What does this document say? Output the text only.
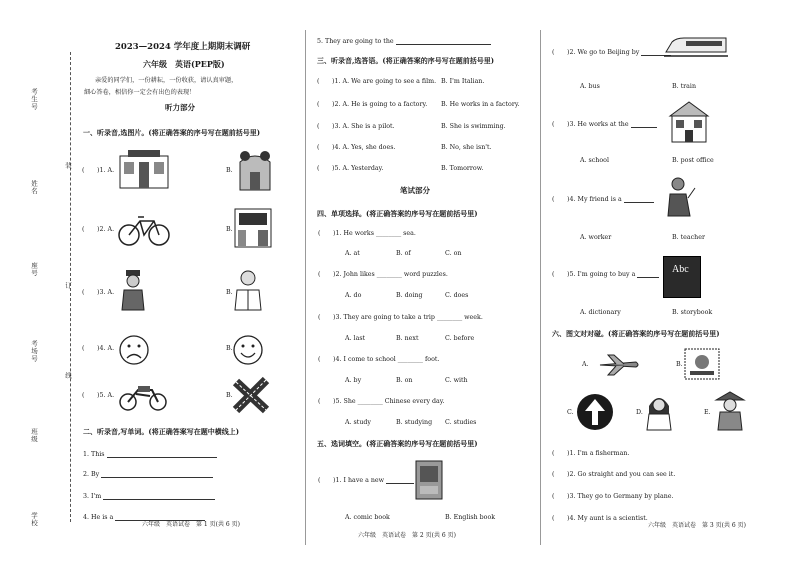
考生号
姓名
座号
考场号
班级
学校
装
订
线
2023—2024 学年度上期期末调研
六年级　英语(PEP版)
亲爱的同学们，一份耕耘，一份收获，请认真审题，
細心答卷，相信你一定会有出色的表现！
听力部分
一、听录音,选图片。(将正确答案的序号写在题前括号里)
(　　)1. A.	B.
(　　)2. A.	B.
(　　)3. A.	B.
(　　)4. A.	B.
(　　)5. A.	B.
二、听录音,写单词。(将正确答案写在题中横线上)
1. This
2. By
3. I'm
4. He is a
六年级　英语试卷　第 1 页(共 6 页)
5. They are going to the
三、听录音,选答语。(将正确答案的序号写在题前括号里)
(　　)1. A. We are going to see a film. B. I'm Italian.
(　　)2. A. He is going to a factory. B. He works in a factory.
(　　)3. A. She is a pilot.	B. She is swimming.
(　　)4. A. Yes, she does.	B. No, she isn't.
(　　)5. A. Yesterday.	B. Tomorrow.
笔试部分
四、单项选择。(将正确答案的序号写在题前括号里)
(　　)1. He works ________ sea.
A. at	B. of	C. on
(　　)2. John likes ________ word puzzles.
A. do	B. doing	C. does
(　　)3. They are going to take a trip ________ week.
A. last	B. next	C. before
(　　)4. I come to school ________ foot.
A. by	B. on	C. with
(　　)5. She ________ Chinese every day.
A. study	B. studying C. studies
五、选词填空。(将正确答案的序号写在题前括号里)
(　　)1. I have a new
A. comic book	B. English book
六年级　英语试卷　第 2 页(共 6 页)
(　　)2. We go to Beijing by
A. bus	B. train
(　　)3. He works at the
A. school	B. post office
(　　)4. My friend is a
A. worker	B. teacher
(　　)5. I'm going to buy a	Abc
A. dictionary	B. storybook
六、图文对对碰。(将正确答案的序号写在题前括号里)
A.	B.
C.	D.	E.
(　　)1. I'm a fisherman.
(　　)2. Go straight and you can see it.
(　　)3. They go to Germany by plane.
(　　)4. My aunt is a scientist.
六年级　英语试卷　第 3 页(共 6 页)
